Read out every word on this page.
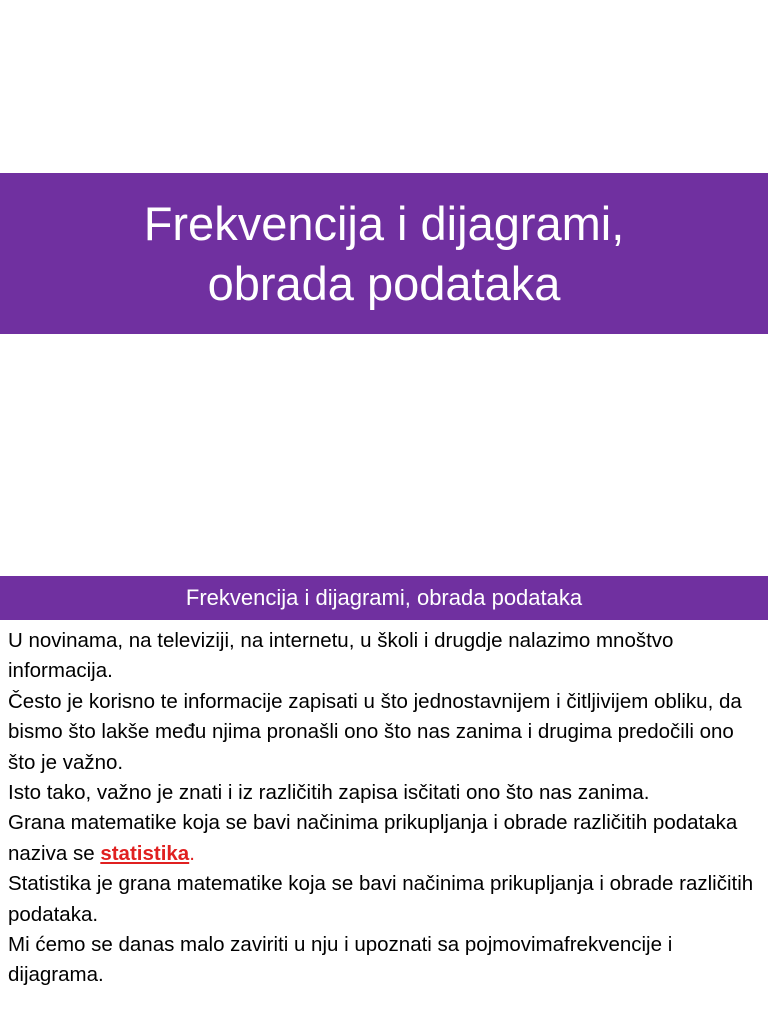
Frekvencija i dijagrami,
obrada podataka
Frekvencija i dijagrami, obrada podataka

U novinama, na televiziji, na internetu, u školi i drugdje nalazimo mnoštvo informacija.

Često je korisno te informacije zapisati u što jednostavnijem i čitljivijem obliku, da bismo što lakše među njima pronašli ono što nas zanima i drugima predočili ono što je važno.

Isto tako, važno je znati i iz različitih zapisa isčitati ono što nas zanima.

Grana matematike koja se bavi načinima prikupljanja i obrade različitih podataka naziva se statistika.

Statistika je grana matematike koja se bavi načinima prikupljanja i obrade različitih podataka.

Mi ćemo se danas malo zaviriti u nju i upoznati sa pojmovimafrekvencije i dijagrama.
